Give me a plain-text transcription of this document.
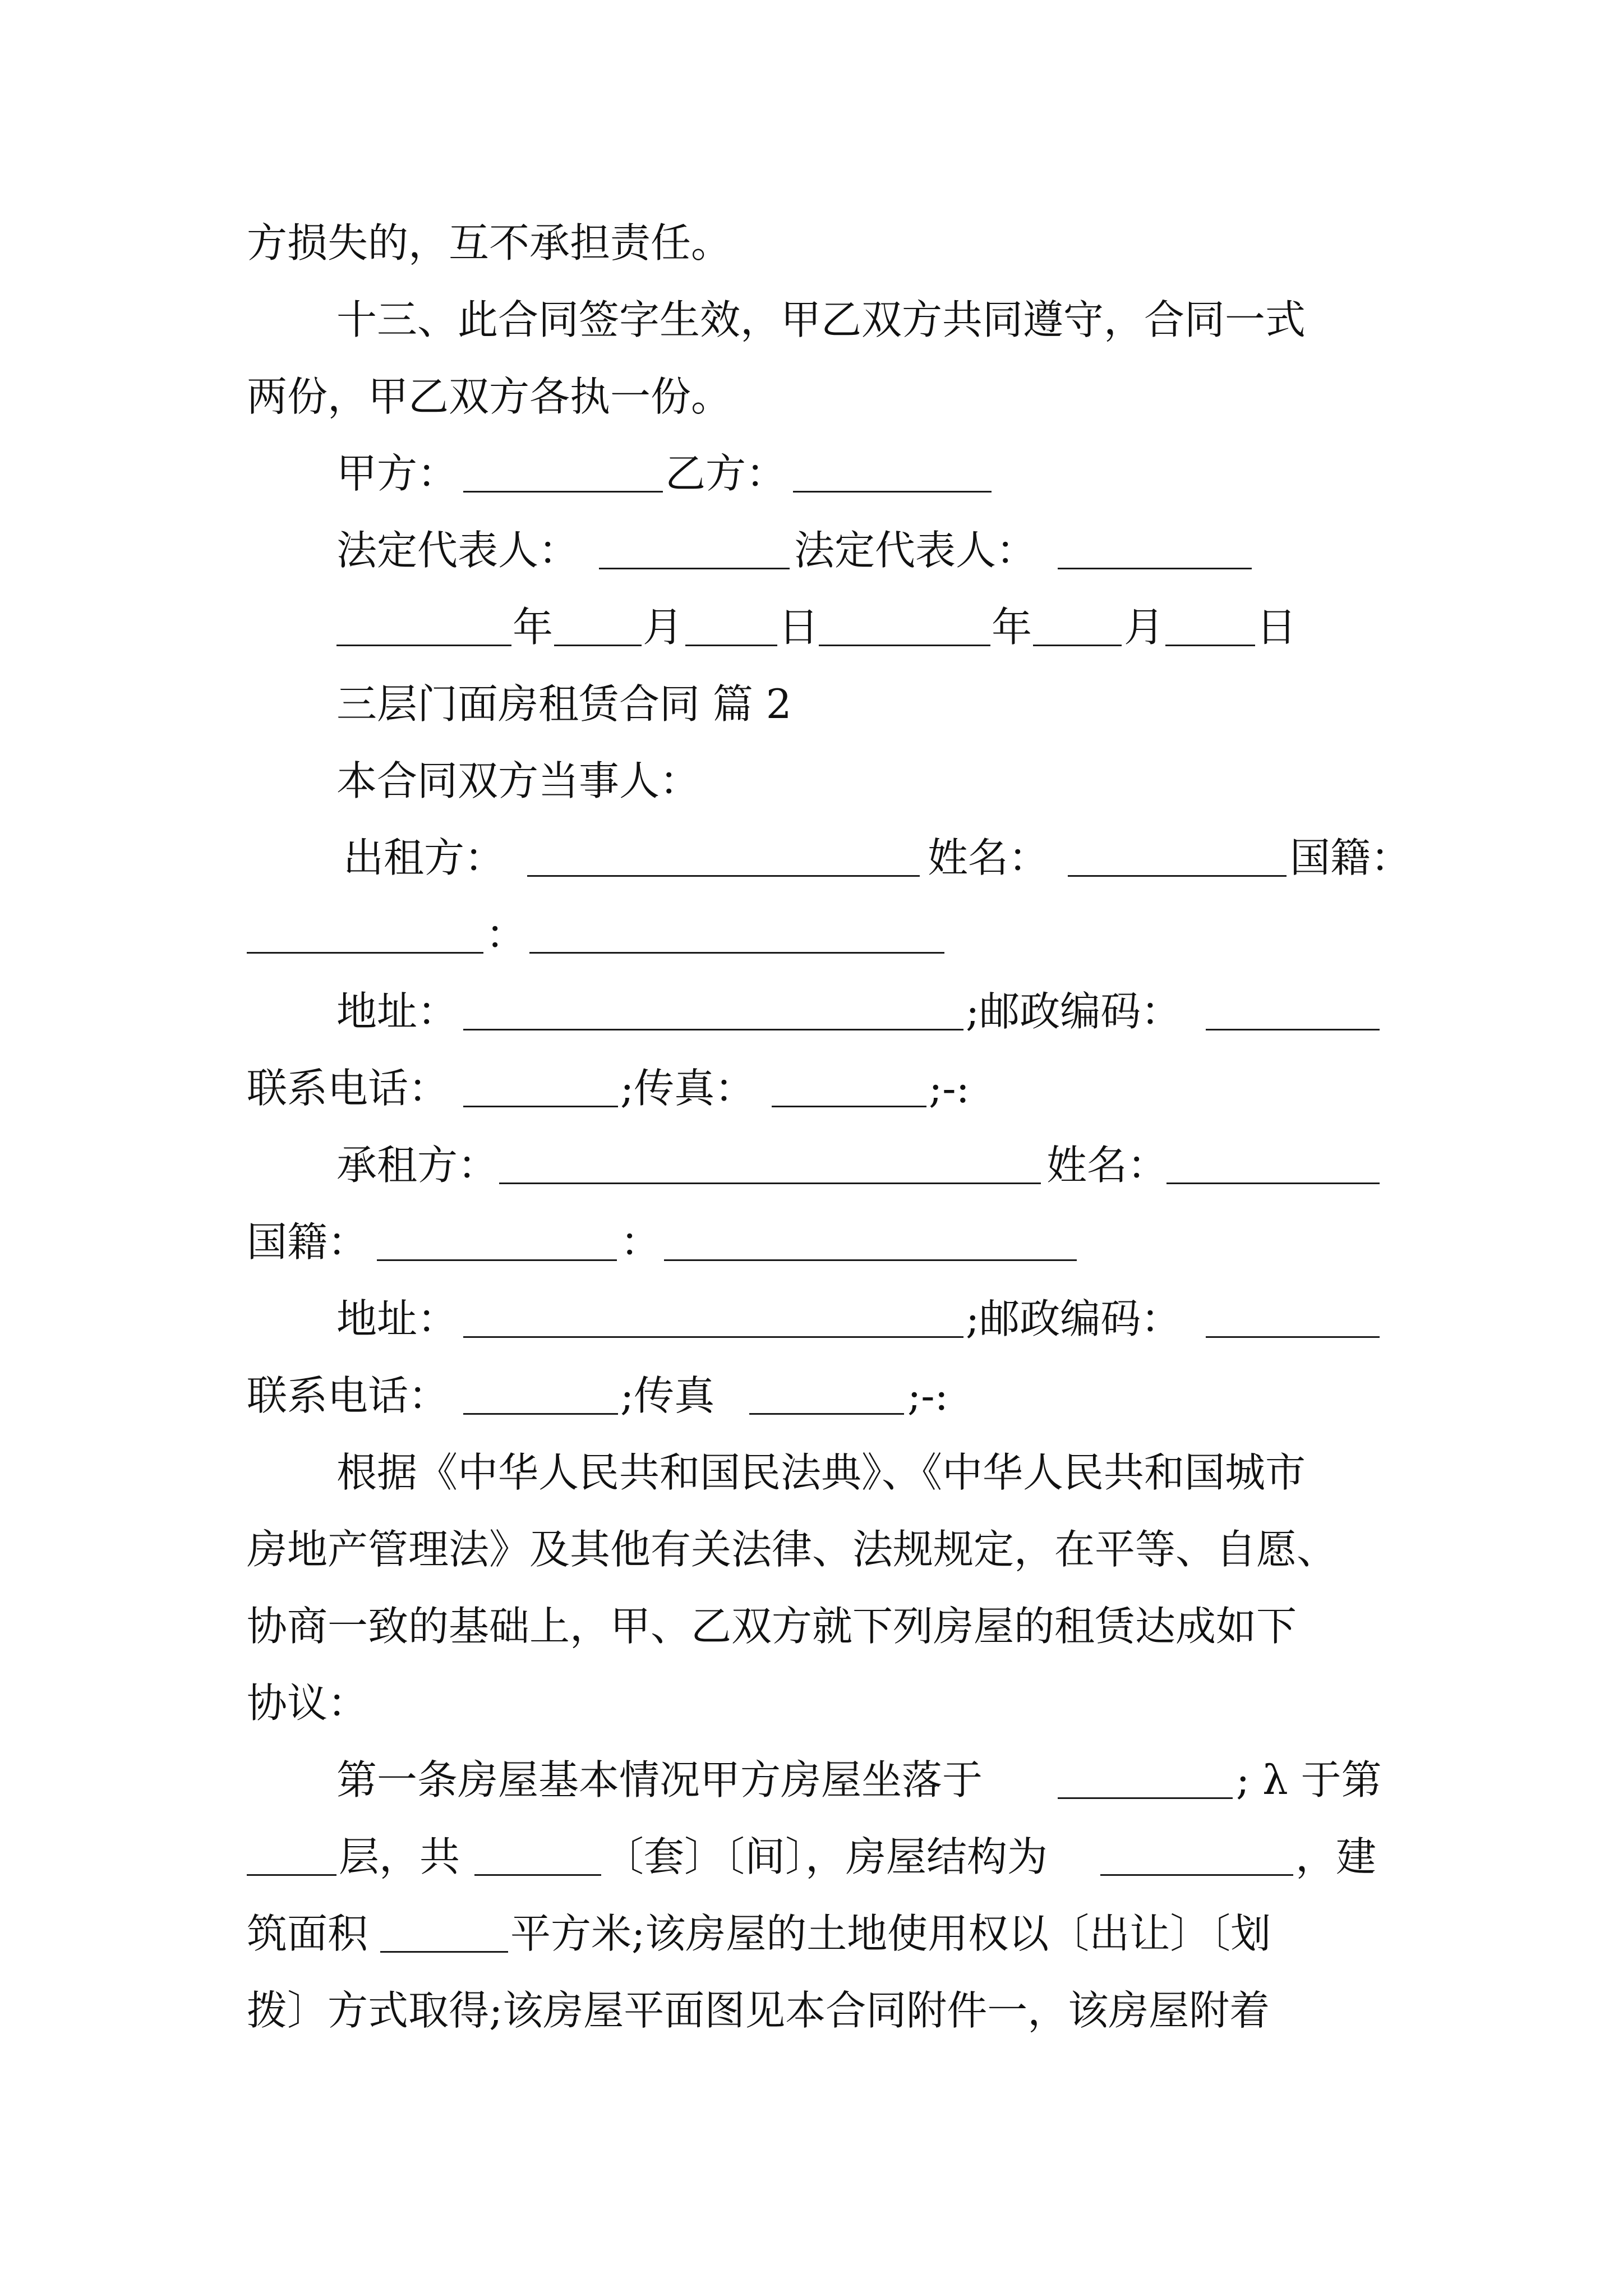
方损失的，互不承担责任。
十三、此合同签字生效，甲乙双方共同遵守，合同一式
两份，甲乙双方各执一份。
甲方：	乙方：
法定代表人：	法定代表人：
年 月 日	年 月 日
三层门面房租赁合同 篇 2
本合同双方当事人：
出租方：	姓名：	国籍：
：
地址：	;邮政编码：
联系电话：	;传真：	;-:
承租方：	姓名：
国籍：	：
地址：	;邮政编码：
联系电话：	;传真	;-:
根据《中华人民共和国民法典》、《中华人民共和国城市
房地产管理法》及其他有关法律、法规规定，在平等、自愿、
协商一致的基础上，甲、乙双方就下列房屋的租赁达成如下
协议：
第一条房屋基本情况甲方房屋坐落于	; λ 于第
层，共	〔套〕〔间〕，房屋结构为	，建
筑面积	平方米;该房屋的土地使用权以〔出让〕〔划
拨〕方式取得;该房屋平面图见本合同附件一，该房屋附着
